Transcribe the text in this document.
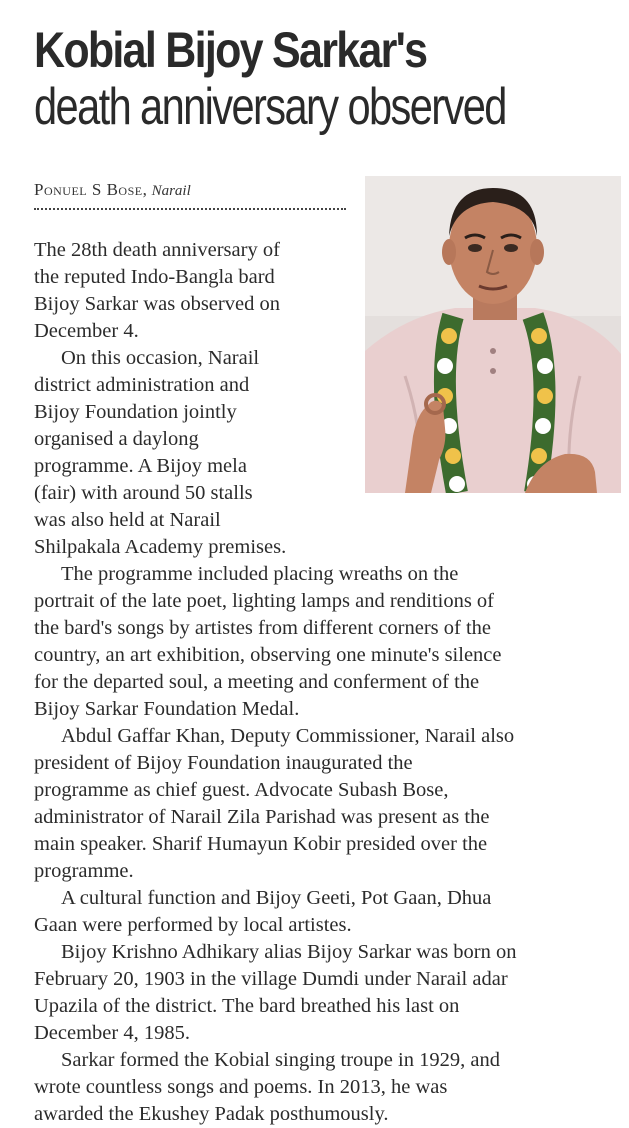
Kobial Bijoy Sarkar's
death anniversary observed
Ponuel S Bose, Narail
The 28th death anniversary of
the reputed Indo-Bangla bard
Bijoy Sarkar was observed on
December 4.
On this occasion, Narail
district administration and
Bijoy Foundation jointly
organised a daylong
programme. A Bijoy mela
(fair) with around 50 stalls
was also held at Narail
Shilpakala Academy premises.
The programme included placing wreaths on the
portrait of the late poet, lighting lamps and renditions of
the bard's songs by artistes from different corners of the
country, an art exhibition, observing one minute's silence
for the departed soul, a meeting and conferment of the
Bijoy Sarkar Foundation Medal.
Abdul Gaffar Khan, Deputy Commissioner, Narail also
president of Bijoy Foundation inaugurated the
programme as chief guest. Advocate Subash Bose,
administrator of Narail Zila Parishad was present as the
main speaker. Sharif Humayun Kobir presided over the
programme.
A cultural function and Bijoy Geeti, Pot Gaan, Dhua
Gaan were performed by local artistes.
Bijoy Krishno Adhikary alias Bijoy Sarkar was born on
February 20, 1903 in the village Dumdi under Narail adar
Upazila of the district. The bard breathed his last on
December 4, 1985.
Sarkar formed the Kobial singing troupe in 1929, and
wrote countless songs and poems. In 2013, he was
awarded the Ekushey Padak posthumously.
